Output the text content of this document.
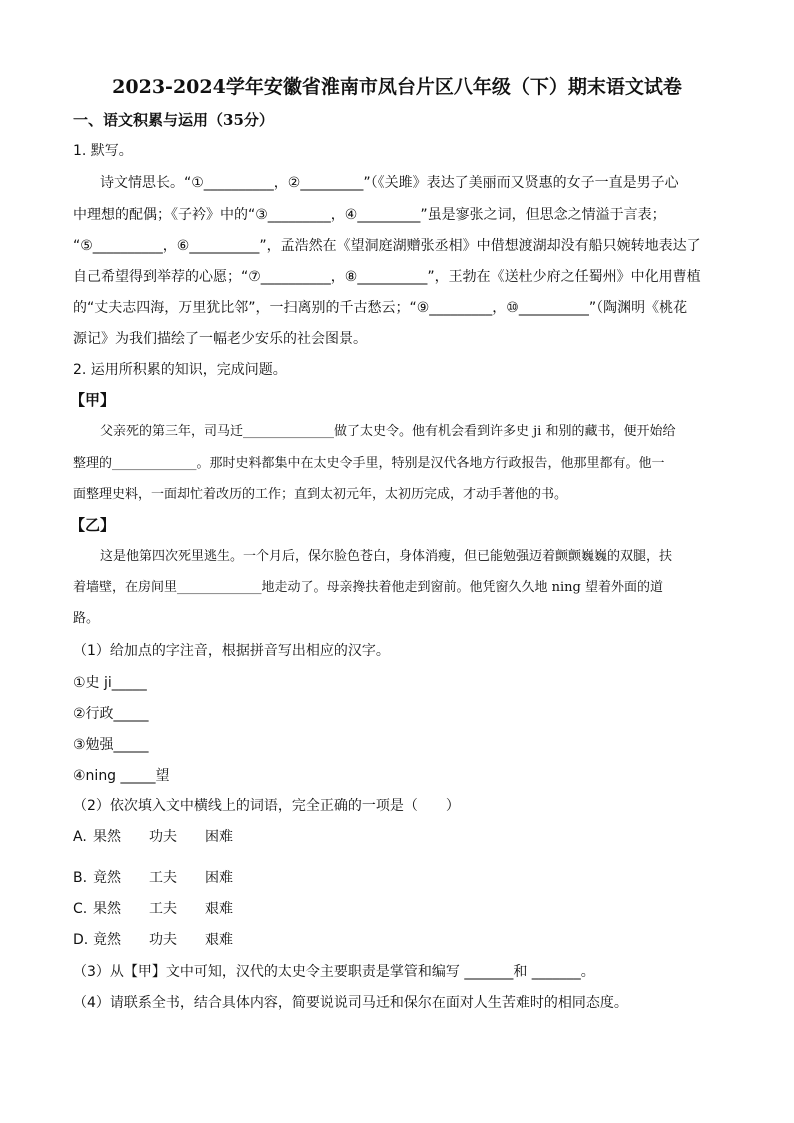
2023-2024学年安徽省淮南市凤台片区八年级（下）期末语文试卷
一、语文积累与运用（35分）
1. 默写。
诗文情思长。“①__________，②_________”（《关雎》表达了美丽而又贤惠的女子一直是男子心
中理想的配偶；《子衿》中的“③_________，④_________”虽是寥张之词，但思念之情溢于言表；
“⑤__________，⑥__________”，孟浩然在《望洞庭湖赠张丞相》中借想渡湖却没有船只婉转地表达了
自己希望得到举荐的心愿；“⑦__________，⑧__________”，王勃在《送杜少府之任蜀州》中化用曹植
的“丈夫志四海，万里犹比邻”，一扫离别的千古愁云；“⑨_________，⑩__________”（陶渊明《桃花
源记》为我们描绘了一幅老少安乐的社会图景。
2. 运用所积累的知识，完成问题。
【甲】
父亲死的第三年，司马迁______________做了太史令。他有机会看到许多史 ji 和别的藏书，便开始给
整理的_____________。那时史料都集中在太史令手里，特别是汉代各地方行政报告，他那里都有。他一
面整理史料，一面却忙着改历的工作；直到太初元年，太初历完成，才动手著他的书。
【乙】
这是他第四次死里逃生。一个月后，保尔脸色苍白，身体消瘦，但已能勉强迈着颤颤巍巍的双腿，扶
着墙壁，在房间里_____________地走动了。母亲搀扶着他走到窗前。他凭窗久久地 ning 望着外面的道
路。
（1）给加点的字注音，根据拼音写出相应的汉字。
①史 ji_____
②行政_____
③勉强_____
④ning _____望
（2）依次填入文中横线上的词语，完全正确的一项是（　　）
A. 果然 功夫 困难
B. 竟然 工夫 困难
C. 果然 工夫 艰难
D. 竟然 功夫 艰难
（3）从【甲】文中可知，汉代的太史令主要职责是掌管和编写 _______和 _______。
（4）请联系全书，结合具体内容，简要说说司马迁和保尔在面对人生苦难时的相同态度。
